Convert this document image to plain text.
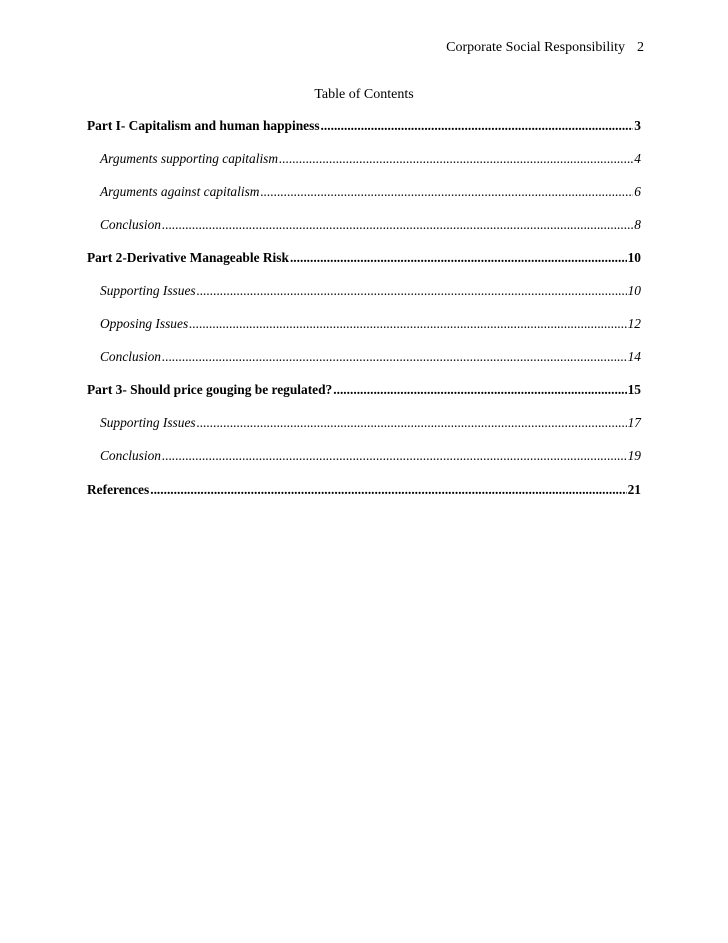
Corporate Social Responsibility 2
Table of Contents
Part I- Capitalism and human happiness .....	3
Arguments supporting capitalism .....	4
Arguments against capitalism .....	6
Conclusion .....	8
Part 2-Derivative Manageable Risk .....	10
Supporting Issues .....	10
Opposing Issues .....	12
Conclusion .....	14
Part 3- Should price gouging be regulated? .....	15
Supporting Issues .....	17
Conclusion .....	19
References .....	21
